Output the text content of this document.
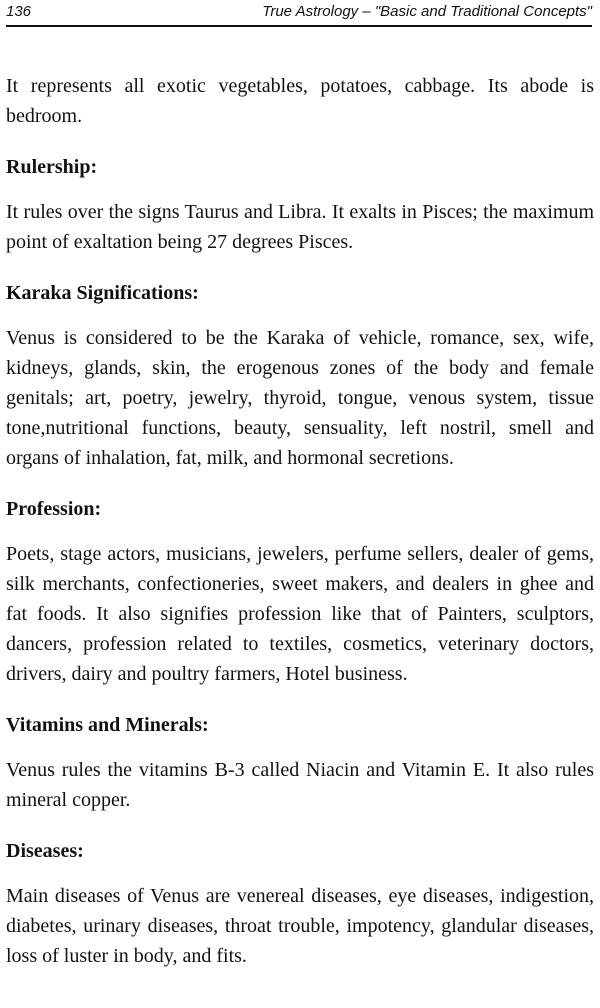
136	True Astrology – "Basic and Traditional Concepts"

It represents all exotic vegetables, potatoes, cabbage. Its abode is bedroom.

Rulership:

It rules over the signs Taurus and Libra. It exalts in Pisces; the maximum point of exaltation being 27 degrees Pisces.

Karaka Significations:

Venus is considered to be the Karaka of vehicle, romance, sex, wife, kidneys, glands, skin, the erogenous zones of the body and female genitals; art, poetry, jewelry, thyroid, tongue, venous system, tissue tone,nutritional functions, beauty, sensuality, left nostril, smell and organs of inhalation, fat, milk, and hormonal secretions.

Profession:

Poets, stage actors, musicians, jewelers, perfume sellers, dealer of gems, silk merchants, confectioneries, sweet makers, and dealers in ghee and fat foods. It also signifies profession like that of Painters, sculptors, dancers, profession related to textiles, cosmetics, veterinary doctors, drivers, dairy and poultry farmers, Hotel business.

Vitamins and Minerals:

Venus rules the vitamins B-3 called Niacin and Vitamin E. It also rules mineral copper.

Diseases:

Main diseases of Venus are venereal diseases, eye diseases, indigestion, diabetes, urinary diseases, throat trouble, impotency, glandular diseases, loss of luster in body, and fits.
